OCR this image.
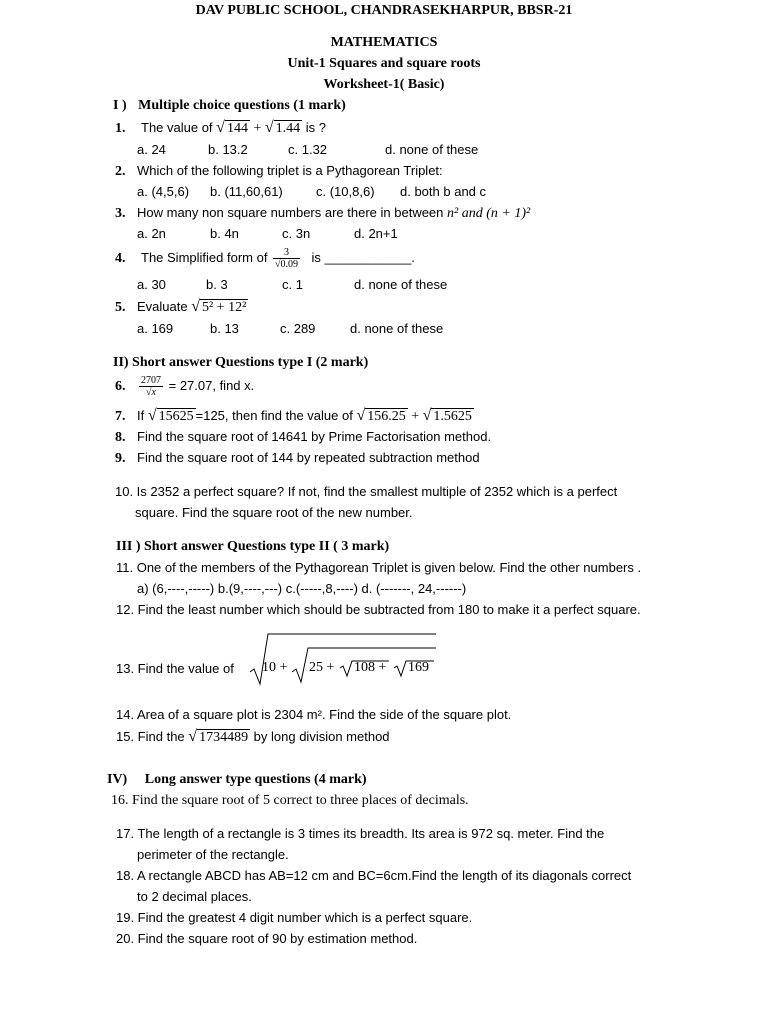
DAV PUBLIC SCHOOL, CHANDRASEKHARPUR, BBSR-21
MATHEMATICS
Unit-1 Squares and square roots
Worksheet-1( Basic)
I ) Multiple choice questions (1 mark)
1. The value of √ 144 + √ 1.44 is ?
a. 24	b. 13.2	c. 1.32	d. none of these
2. Which of the following triplet is a Pythagorean Triplet:
a. (4,5,6) b. (11,60,61)	c. (10,8,6) d. both b and c
3. How many non square numbers are there in between n² and (n + 1)²
a. 2n	b. 4n	c. 3n	d. 2n+1
4. The Simplified form of $\frac{3}{√0.09}$ is ____________.
a. 30	b. 3	c. 1	d. none of these
5. Evaluate √ 5² + 12²
a. 169	b. 13	c. 289	d. none of these
II) Short answer Questions type I (2 mark)
6. $\frac{2707}{√x} = 27.07$, find x.
7. If √ 15625 =125, then find the value of √ 156.25 + √ 1.5625
8. Find the square root of 14641 by Prime Factorisation method.
9. Find the square root of 144 by repeated subtraction method
10. Is 2352 a perfect square? If not, find the smallest multiple of 2352 which is a perfect
square. Find the square root of the new number.
III ) Short answer Questions type II ( 3 mark)
11. One of the members of the Pythagorean Triplet is given below. Find the other numbers .
a) (6,----,-----) b.(9,----,---) c.(-----,8,----) d. (-------, 24,------)
12. Find the least number which should be subtracted from 180 to make it a perfect square.
13. Find the value of 10 + 25 + 108 + 169
14. Area of a square plot is 2304 m². Find the side of the square plot.
15. Find the √ 1734489 by long division method
IV) Long answer type questions (4 mark)
16. Find the square root of 5 correct to three places of decimals.
17. The length of a rectangle is 3 times its breadth. Its area is 972 sq. meter. Find the
perimeter of the rectangle.
18. A rectangle ABCD has AB=12 cm and BC=6cm.Find the length of its diagonals correct
to 2 decimal places.
19. Find the greatest 4 digit number which is a perfect square.
20. Find the square root of 90 by estimation method.
